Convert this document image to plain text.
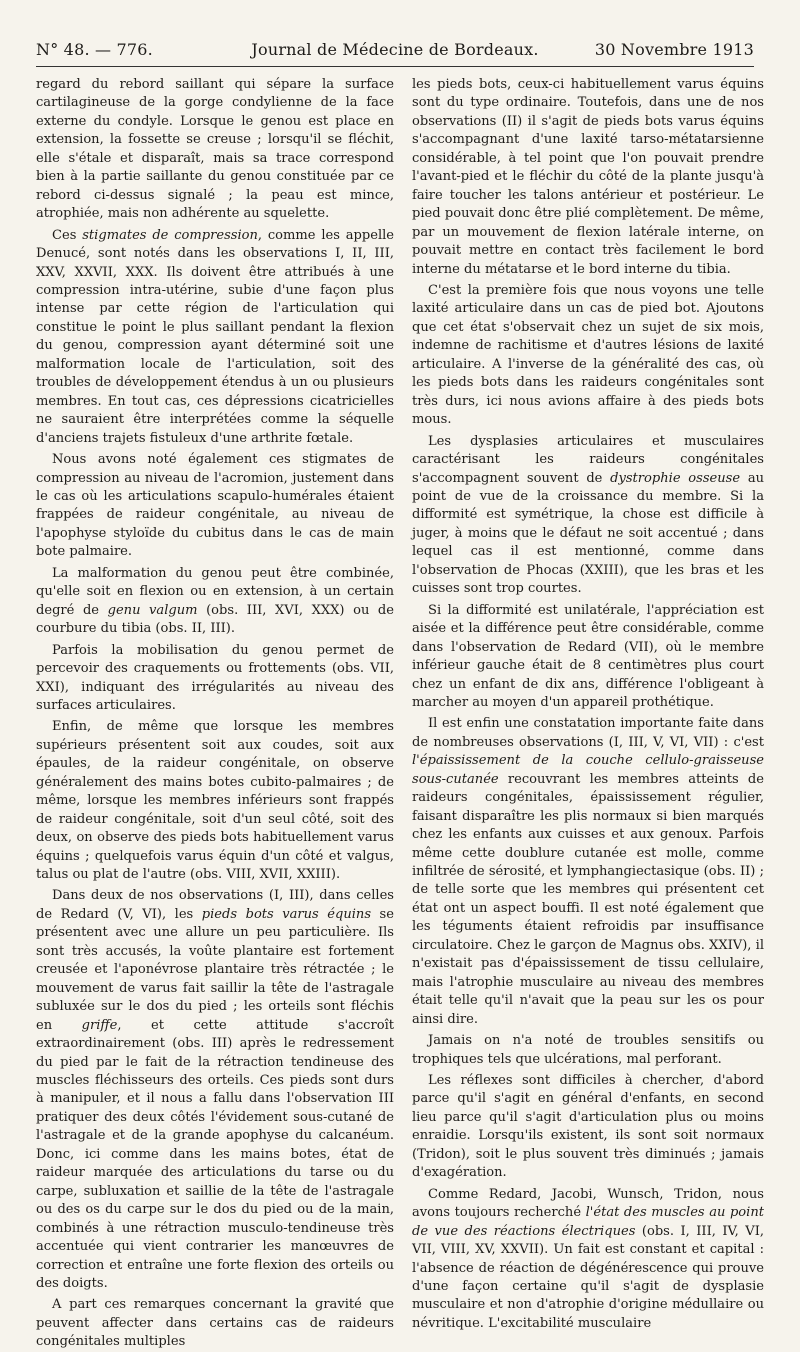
N° 48. — 776.	Journal de Médecine de Bordeaux.	30 Novembre 1913

regard du rebord saillant qui sépare la surface cartilagineuse de la gorge condylienne de la face externe du condyle. Lorsque le genou est place en extension, la fossette se creuse ; lorsqu'il se fléchit, elle s'étale et disparaît, mais sa trace correspond bien à la partie saillante du genou constituée par ce rebord ci-dessus signalé ; la peau est mince, atrophiée, mais non adhérente au squelette.

Ces stigmates de compression, comme les appelle Denucé, sont notés dans les observations I, II, III, XXV, XXVII, XXX. Ils doivent être attribués à une compression intra-utérine, subie d'une façon plus intense par cette région de l'articulation qui constitue le point le plus saillant pendant la flexion du genou, compression ayant déterminé soit une malformation locale de l'articulation, soit des troubles de développement étendus à un ou plusieurs membres. En tout cas, ces dépressions cicatricielles ne sauraient être interprétées comme la séquelle d'anciens trajets fistuleux d'une arthrite fœtale.

Nous avons noté également ces stigmates de compression au niveau de l'acromion, justement dans le cas où les articulations scapulo-humérales étaient frappées de raideur congénitale, au niveau de l'apophyse styloïde du cubitus dans le cas de main bote palmaire.

La malformation du genou peut être combinée, qu'elle soit en flexion ou en extension, à un certain degré de genu valgum (obs. III, XVI, XXX) ou de courbure du tibia (obs. II, III).

Parfois la mobilisation du genou permet de percevoir des craquements ou frottements (obs. VII, XXI), indiquant des irrégularités au niveau des surfaces articulaires.

Enfin, de même que lorsque les membres supérieurs présentent soit aux coudes, soit aux épaules, de la raideur congénitale, on observe généralement des mains botes cubito-palmaires ; de même, lorsque les membres inférieurs sont frappés de raideur congénitale, soit d'un seul côté, soit des deux, on observe des pieds bots habituellement varus équins ; quelquefois varus équin d'un côté et valgus, talus ou plat de l'autre (obs. VIII, XVII, XXIII).

Dans deux de nos observations (I, III), dans celles de Redard (V, VI), les pieds bots varus équins se présentent avec une allure un peu particulière. Ils sont très accusés, la voûte plantaire est fortement creusée et l'aponévrose plantaire très rétractée ; le mouvement de varus fait saillir la tête de l'astragale subluxée sur le dos du pied ; les orteils sont fléchis en griffe, et cette attitude s'accroît extraordinairement (obs. III) après le redressement du pied par le fait de la rétraction tendineuse des muscles fléchisseurs des orteils. Ces pieds sont durs à manipuler, et il nous a fallu dans l'observation III pratiquer des deux côtés l'évidement sous-cutané de l'astragale et de la grande apophyse du calcanéum. Donc, ici comme dans les mains botes, état de raideur marquée des articulations du tarse ou du carpe, subluxation et saillie de la tête de l'astragale ou des os du carpe sur le dos du pied ou de la main, combinés à une rétraction musculo-tendineuse très accentuée qui vient contrarier les manœuvres de correction et entraîne une forte flexion des orteils ou des doigts.

A part ces remarques concernant la gravité que peuvent affecter dans certains cas de raideurs congénitales multiples

les pieds bots, ceux-ci habituellement varus équins sont du type ordinaire. Toutefois, dans une de nos observations (II) il s'agit de pieds bots varus équins s'accompagnant d'une laxité tarso-métatarsienne considérable, à tel point que l'on pouvait prendre l'avant-pied et le fléchir du côté de la plante jusqu'à faire toucher les talons antérieur et postérieur. Le pied pouvait donc être plié complètement. De même, par un mouvement de flexion latérale interne, on pouvait mettre en contact très facilement le bord interne du métatarse et le bord interne du tibia.

C'est la première fois que nous voyons une telle laxité articulaire dans un cas de pied bot. Ajoutons que cet état s'observait chez un sujet de six mois, indemne de rachitisme et d'autres lésions de laxité articulaire. A l'inverse de la généralité des cas, où les pieds bots dans les raideurs congénitales sont très durs, ici nous avions affaire à des pieds bots mous.

Les dysplasies articulaires et musculaires caractérisant les raideurs congénitales s'accompagnent souvent de dystrophie osseuse au point de vue de la croissance du membre. Si la difformité est symétrique, la chose est difficile à juger, à moins que le défaut ne soit accentué ; dans lequel cas il est mentionné, comme dans l'observation de Phocas (XXIII), que les bras et les cuisses sont trop courtes.

Si la difformité est unilatérale, l'appréciation est aisée et la différence peut être considérable, comme dans l'observation de Redard (VII), où le membre inférieur gauche était de 8 centimètres plus court chez un enfant de dix ans, différence l'obligeant à marcher au moyen d'un appareil prothétique.

Il est enfin une constatation importante faite dans de nombreuses observations (I, III, V, VI, VII) : c'est l'épaississement de la couche cellulo-graisseuse sous-cutanée recouvrant les membres atteints de raideurs congénitales, épaississement régulier, faisant disparaître les plis normaux si bien marqués chez les enfants aux cuisses et aux genoux. Parfois même cette doublure cutanée est molle, comme infiltrée de sérosité, et lymphangiectasique (obs. II) ; de telle sorte que les membres qui présentent cet état ont un aspect bouffi. Il est noté également que les téguments étaient refroidis par insuffisance circulatoire. Chez le garçon de Magnus obs. XXIV), il n'existait pas d'épaississement de tissu cellulaire, mais l'atrophie musculaire au niveau des membres était telle qu'il n'avait que la peau sur les os pour ainsi dire.

Jamais on n'a noté de troubles sensitifs ou trophiques tels que ulcérations, mal perforant.

Les réflexes sont difficiles à chercher, d'abord parce qu'il s'agit en général d'enfants, en second lieu parce qu'il s'agit d'articulation plus ou moins enraidie. Lorsqu'ils existent, ils sont soit normaux (Tridon), soit le plus souvent très diminués ; jamais d'exagération.

Comme Redard, Jacobi, Wunsch, Tridon, nous avons toujours recherché l'état des muscles au point de vue des réactions électriques (obs. I, III, IV, VI, VII, VIII, XV, XXVII). Un fait est constant et capital : l'absence de réaction de dégénérescence qui prouve d'une façon certaine qu'il s'agit de dysplasie musculaire et non d'atrophie d'origine médullaire ou névritique. L'excitabilité musculaire
